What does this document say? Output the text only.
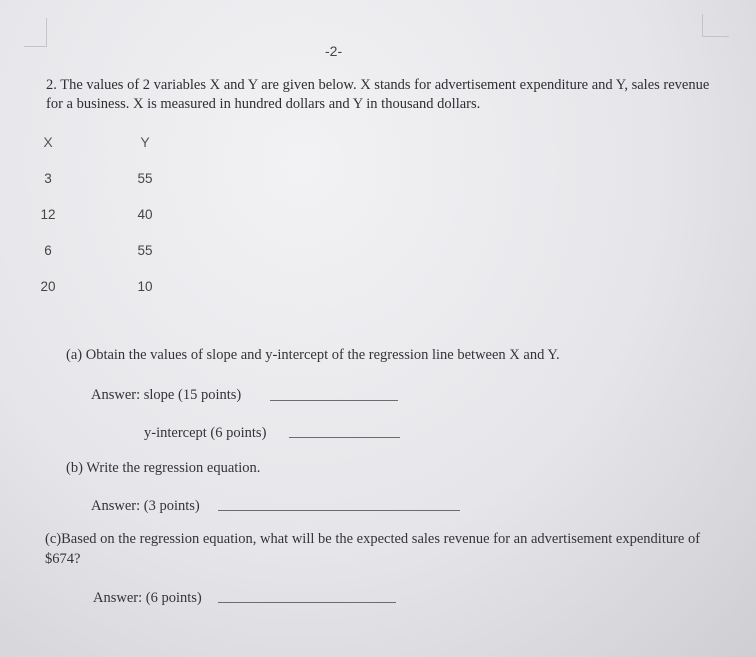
-2-
2. The values of 2 variables X and Y are given below. X stands for advertisement expenditure and Y, sales revenue for a business. X is measured in hundred dollars and Y in thousand dollars.
X	Y
3	55
12	40
6	55
20	10
(a) Obtain the values of slope and y-intercept of the regression line between X and Y.
Answer: slope (15 points)
y-intercept (6 points)
(b) Write the regression equation.
Answer: (3 points)
(c)Based on the regression equation, what will be the expected sales revenue for an advertisement expenditure of $674?
Answer: (6 points)
